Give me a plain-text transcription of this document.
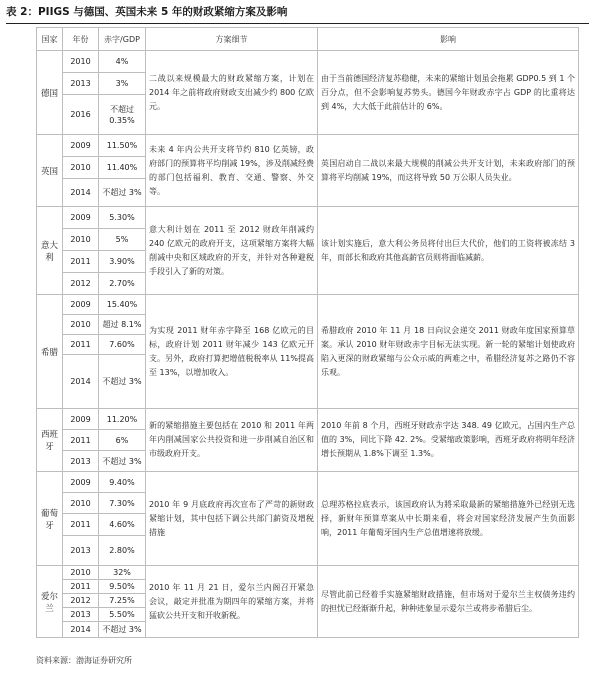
表 2：PIIGS 与德国、英国未来 5 年的财政紧缩方案及影响
国家	年份	赤字/GDP	方案细节	影响
德国	2010	4%	二战以来规模最大的财政紧缩方案，计划在 2014 年之前将政府财政支出减少约 800 亿欧元。	由于当前德国经济复苏稳健，未来的紧缩计划虽会拖累 GDP0.5 到 1 个百分点，但不会影响复苏势头。德国今年财政赤字占 GDP 的比重将达到 4%，大大低于此前估计的 6%。
	2013	3%		
	2016	不超过 0.35%		
英国	2009	11.50%	未来 4 年内公共开支将节约 810 亿英镑，政府部门的预算将平均削减 19%，涉及削减经费的部门包括福利、教育、交通、警察、外交等。	英国启动自二战以来最大规模的削减公共开支计划，未来政府部门的预算将平均削减 19%，而这将导致 50 万公职人员失业。
	2010	11.40%		
	2014	不超过 3%		
意大利	2009	5.30%	意大利计划在 2011 至 2012 财政年削减约 240 亿欧元的政府开支，这项紧缩方案将大幅削减中央和区域政府的开支，并针对各种避税手段引入了新的对策。	该计划实施后，意大利公务员将付出巨大代价，他们的工资将被冻结 3 年，而部长和政府其他高薪官员则将面临减薪。
	2010	5%		
	2011	3.90%		
	2012	2.70%		
希腊	2009	15.40%	为实现 2011 财年赤字降至 168 亿欧元的目标，政府计划 2011 财年减少 143 亿欧元开支。另外，政府打算把增值税税率从 11%提高至 13%，以增加收入。	希腊政府 2010 年 11 月 18 日向议会递交 2011 财政年度国家预算草案。承认 2010 财年财政赤字目标无法实现。新一轮的紧缩计划使政府陷入更深的财政紧缩与公众示威的两难之中，希腊经济复苏之路仍不容乐观。
	2010	超过 8.1%		
	2011	7.60%		
	2014	不超过 3%		
西班牙	2009	11.20%	新的紧缩措施主要包括在 2010 和 2011 年两年内削减国家公共投资和进一步削减自治区和市级政府开支。	2010 年前 8 个月，西班牙财政赤字达 348. 49 亿欧元，占国内生产总值的 3%，同比下降 42. 2%。受紧缩政策影响，西班牙政府将明年经济增长预期从 1.8%下调至 1.3%。
	2011	6%		
	2013	不超过 3%		
葡萄牙	2009	9.40%	2010 年 9 月底政府再次宣布了严苛的新财政紧缩计划，其中包括下调公共部门薪资及增税措施	总理苏格拉底表示，该国政府认为將采取最新的紧缩措施外已经别无选择，新财年预算草案从中长期来看，将会对国家经济发展产生负面影响，2011 年葡萄牙国内生产总值增速将放缓。
	2010	7.30%		
	2011	4.60%		
	2013	2.80%		
爱尔兰	2010	32%	2010 年 11 月 21 日，爱尔兰内阁召开紧急会议，敲定并批准为期四年的紧缩方案，并将猛砍公共开支和开收新税。	尽管此前已经着手实施紧缩财政措施，但市场对于爱尔兰主权债务违约的担忧已经渐渐升起，种种迹象显示爱尔兰或将步希腊后尘。
	2011	9.50%		
	2012	7.25%		
	2013	5.50%		
	2014	不超过 3%		
资料来源：渤海证券研究所
